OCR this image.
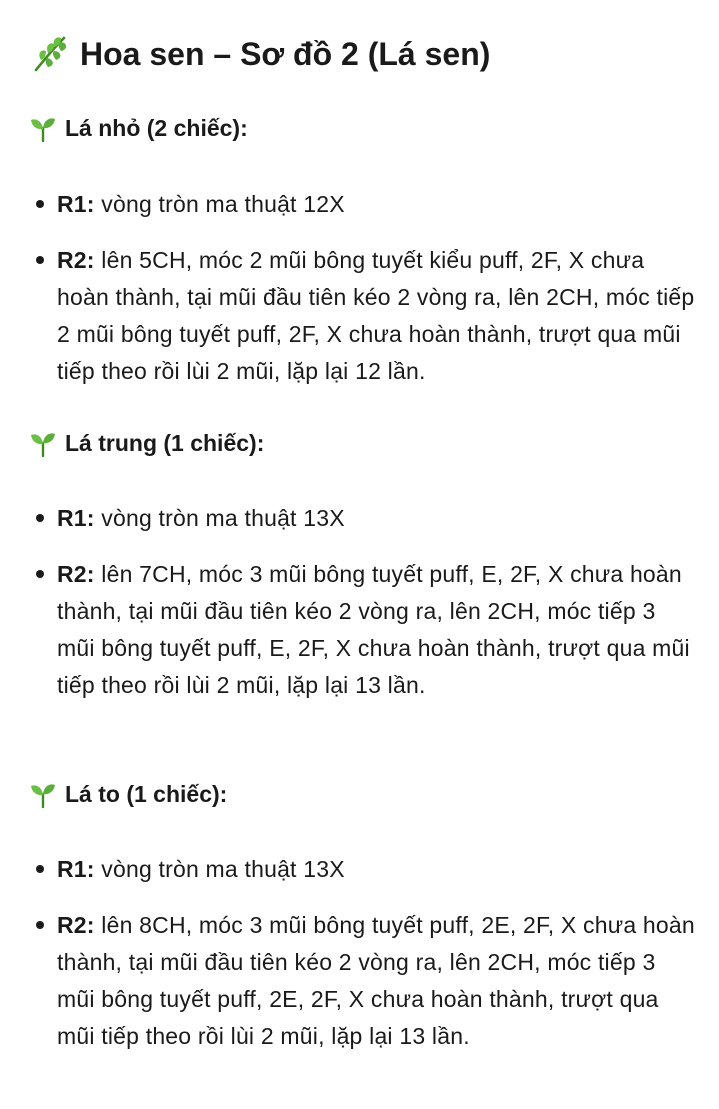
Hoa sen – Sơ đồ 2 (Lá sen)
Lá nhỏ (2 chiếc):
R1: vòng tròn ma thuật 12X
R2: lên 5CH, móc 2 mũi bông tuyết kiểu puff, 2F, X chưa hoàn thành, tại mũi đầu tiên kéo 2 vòng ra, lên 2CH, móc tiếp 2 mũi bông tuyết puff, 2F, X chưa hoàn thành, trượt qua mũi tiếp theo rồi lùi 2 mũi, lặp lại 12 lần.
Lá trung (1 chiếc):
R1: vòng tròn ma thuật 13X
R2: lên 7CH, móc 3 mũi bông tuyết puff, E, 2F, X chưa hoàn thành, tại mũi đầu tiên kéo 2 vòng ra, lên 2CH, móc tiếp 3 mũi bông tuyết puff, E, 2F, X chưa hoàn thành, trượt qua mũi tiếp theo rồi lùi 2 mũi, lặp lại 13 lần.
Lá to (1 chiếc):
R1: vòng tròn ma thuật 13X
R2: lên 8CH, móc 3 mũi bông tuyết puff, 2E, 2F, X chưa hoàn thành, tại mũi đầu tiên kéo 2 vòng ra, lên 2CH, móc tiếp 3 mũi bông tuyết puff, 2E, 2F, X chưa hoàn thành, trượt qua mũi tiếp theo rồi lùi 2 mũi, lặp lại 13 lần.
